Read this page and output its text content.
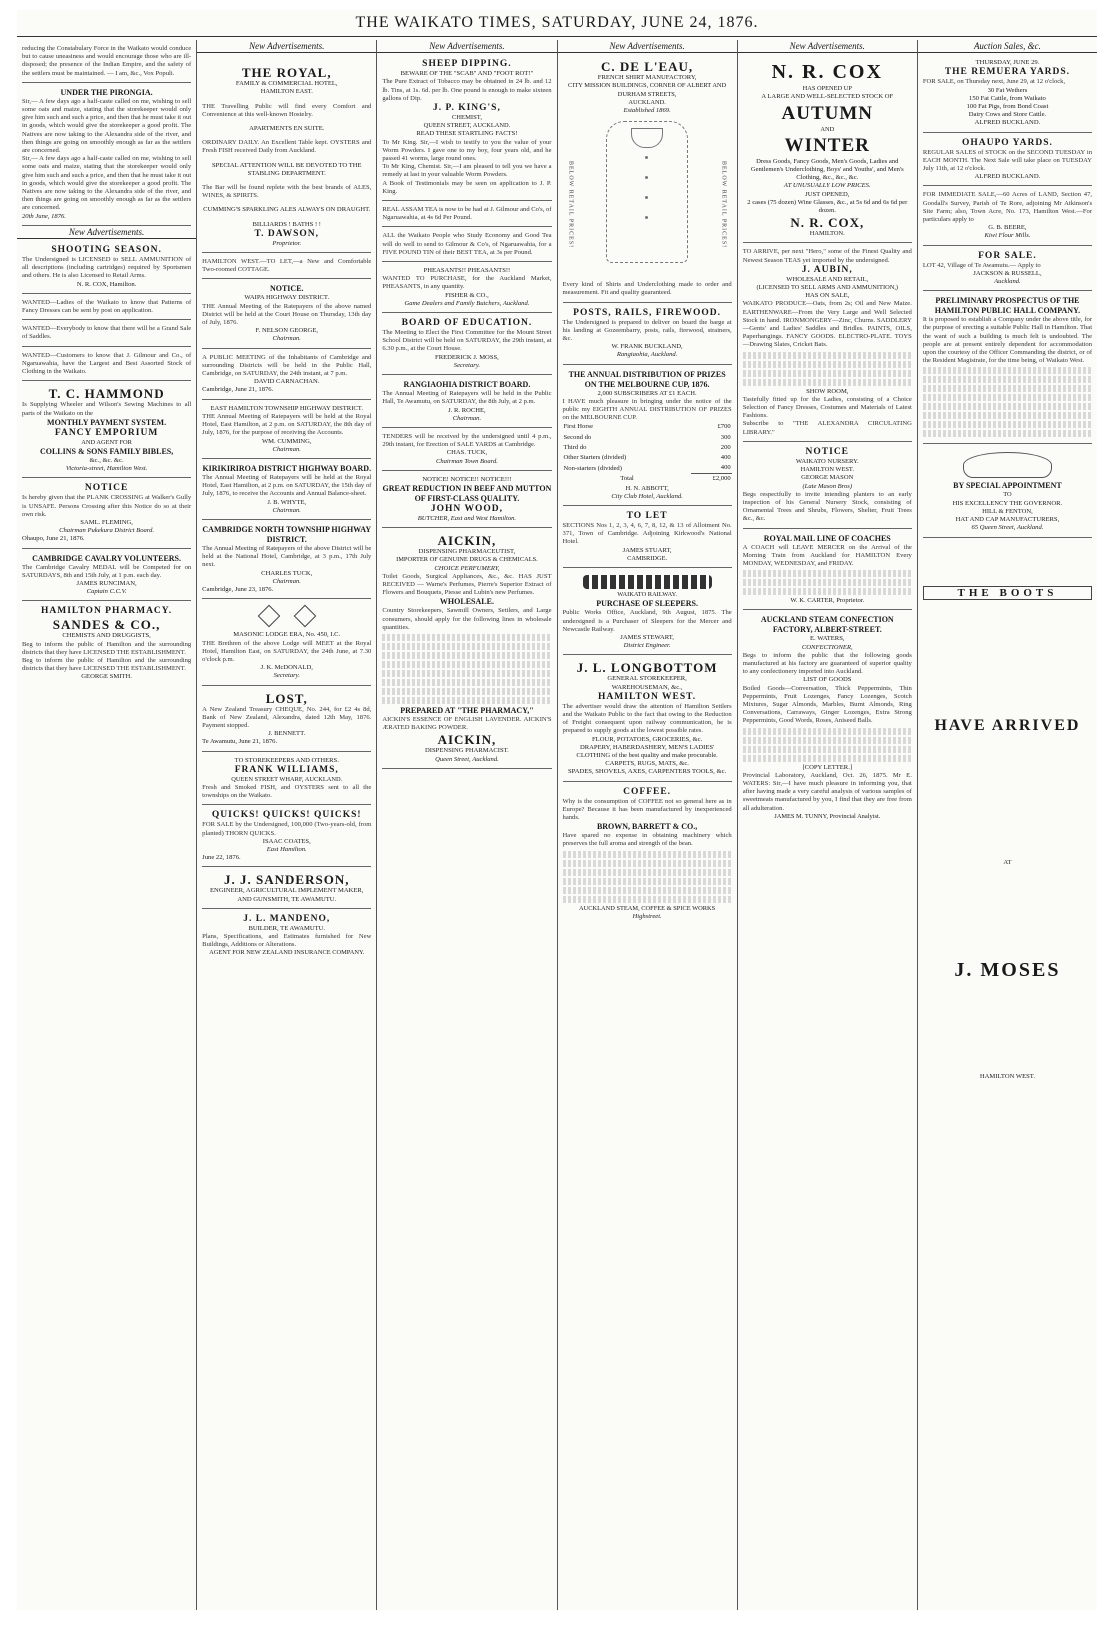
THE WAIKATO TIMES, SATURDAY, JUNE 24, 1876.
reducing the Constabulary Force in the Waikato would conduce but to cause uneasiness and would encourage those who are ill-disposed; the presence of the Indian Empire, and the safety of the settlers must be maintained. — I am, &c., Vox Populi.
UNDER THE PIRONGIA.
Sir,— A few days ago a half-caste called on me, wishing to sell some oats and maize, stating that the storekeeper would only give him such and such a price, and then that he must take it out in goods, which would give the storekeeper a good profit. The Natives are now taking to the Alexandra side of the river, and then things are going on smoothly enough as far as the settlers are concerned.
Sir,— A few days ago a half-caste called on me, wishing to sell some oats and maize, stating that the storekeeper would only give him such and such a price, and then that he must take it out in goods, which would give the storekeeper a good profit. The Natives are now taking to the Alexandra side of the river, and then things are going on smoothly enough as far as the settlers are concerned.
20th June, 1876.
New Advertisements.
SHOOTING SEASON.
The Undersigned is LICENSED to SELL AMMUNITION of all descriptions (including cartridges) required by Sportsmen and others. He is also Licensed to Retail Arms.
N. R. COX, Hamilton.
WANTED—Ladies of the Waikato to know that Patterns of Fancy Dresses can be sent by post on application.
WANTED—Everybody to know that there will be a Grand Sale of Saddles.
WANTED—Customers to know that J. Gilmour and Co., of Ngaruawahia, have the Largest and Best Assorted Stock of Clothing in the Waikato.
T. C. HAMMOND
Is Supplying Wheeler and Wilson's Sewing Machines to all parts of the Waikato on the
MONTHLY PAYMENT SYSTEM.
FANCY EMPORIUM
AND AGENT FOR
COLLINS & SONS FAMILY BIBLES,
&c., &c. &c.
Victoria-street, Hamilton West.
NOTICE
Is hereby given that the PLANK CROSSING at Walker's Gully is UNSAFE. Persons Crossing after this Notice do so at their own risk.
SAML. FLEMING,
Chairman Pukekura District Board.
Ohaupo, June 21, 1876.
CAMBRIDGE CAVALRY VOLUNTEERS.
The Cambridge Cavalry MEDAL will be Competed for on SATURDAYS, 8th and 15th July, at 1 p.m. each day.
JAMES RUNCIMAN,
Captain C.C.V.
HAMILTON PHARMACY.
SANDES & CO.,
CHEMISTS AND DRUGGISTS,
Beg to inform the public of Hamilton and the surrounding districts that they have LICENSED THE ESTABLISHMENT.
Beg to inform the public of Hamilton and the surrounding districts that they have LICENSED THE ESTABLISHMENT.
GEORGE SMITH.
New Advertisements.
THE ROYAL,
FAMILY & COMMERCIAL HOTEL,
HAMILTON EAST.
THE Travelling Public will find every Comfort and Convenience at this well-known Hostelry.
APARTMENTS EN SUITE.
ORDINARY DAILY. An Excellent Table kept. OYSTERS and Fresh FISH received Daily from Auckland.
SPECIAL ATTENTION WILL BE DEVOTED TO THE STABLING DEPARTMENT.
The Bar will be found replete with the best brands of ALES, WINES, & SPIRITS.
CUMMING'S SPARKLING ALES ALWAYS ON DRAUGHT.
BILLIARDS ! BATHS ! !
T. DAWSON,
Proprietor.
HAMILTON WEST.—TO LET,—a New and Comfortable Two-roomed COTTAGE.
NOTICE.
WAIPA HIGHWAY DISTRICT.
THE Annual Meeting of the Ratepayers of the above named District will be held at the Court House on Thursday, 13th day of July, 1876.
F. NELSON GEORGE,
Chairman.
A PUBLIC MEETING of the Inhabitants of Cambridge and surrounding Districts will be held in the Public Hall, Cambridge, on SATURDAY, the 24th instant, at 7 p.m.
DAVID CARNACHAN.
Cambridge, June 21, 1876.
EAST HAMILTON TOWNSHIP HIGHWAY DISTRICT.
THE Annual Meeting of Ratepayers will be held at the Royal Hotel, East Hamilton, at 2 p.m. on SATURDAY, the 8th day of July, 1876, for the purpose of receiving the Accounts.
WM. CUMMING,
Chairman.
KIRIKIRIROA DISTRICT HIGHWAY BOARD.
The Annual Meeting of Ratepayers will be held at the Royal Hotel, East Hamilton, at 2 p.m. on SATURDAY, the 15th day of July, 1876, to receive the Accounts and Annual Balance-sheet.
J. B. WHYTE,
Chairman.
CAMBRIDGE NORTH TOWNSHIP HIGHWAY DISTRICT.
The Annual Meeting of Ratepayers of the above District will be held at the National Hotel, Cambridge, at 3 p.m., 17th July next.
CHARLES TUCK,
Chairman.
Cambridge, June 23, 1876.
MASONIC LODGE ERA, No. 450, I.C.
THE Brethren of the above Lodge will MEET at the Royal Hotel, Hamilton East, on SATURDAY, the 24th June, at 7.30 o'clock p.m.
J. K. McDONALD,
Secretary.
LOST,
A New Zealand Treasury CHEQUE, No. 244, for £2 4s 8d, Bank of New Zealand, Alexandra, dated 12th May, 1876. Payment stopped.
J. BENNETT.
Te Awamutu, June 21, 1876.
TO STOREKEEPERS AND OTHERS.
FRANK WILLIAMS,
QUEEN STREET WHARF, AUCKLAND.
Fresh and Smoked FISH, and OYSTERS sent to all the townships on the Waikato.
QUICKS! QUICKS! QUICKS!
FOR SALE by the Undersigned, 100,000 (Two-years-old, from planted) THORN QUICKS.
ISAAC COATES,
East Hamilton.
June 22, 1876.
J. J. SANDERSON,
ENGINEER, AGRICULTURAL IMPLEMENT MAKER,
AND GUNSMITH, TE AWAMUTU.
J. L. MANDENO,
BUILDER, TE AWAMUTU.
Plans, Specifications, and Estimates furnished for New Buildings, Additions or Alterations.
AGENT FOR NEW ZEALAND INSURANCE COMPANY.
New Advertisements.
SHEEP DIPPING.
BEWARE OF THE "SCAB" AND "FOOT ROT!"
The Pure Extract of Tobacco may be obtained in 24 lb. and 12 lb. Tins, at 1s. 6d. per lb. One pound is enough to make sixteen gallons of Dip.
J. P. KING'S,
CHEMIST,
QUEEN STREET, AUCKLAND.
READ THESE STARTLING FACTS!
To Mr King. Sir,—I wish to testify to you the value of your Worm Powders. I gave one to my boy, four years old, and he passed 41 worms, large round ones.
To Mr King, Chemist. Sir,—I am pleased to tell you we have a remedy at last in your valuable Worm Powders.
A Book of Testimonials may be seen on application to J. P. King.
REAL ASSAM TEA is now to be had at J. Gilmour and Co's, of Ngaruawahia, at 4s 6d Per Pound.
ALL the Waikato People who Study Economy and Good Tea will do well to send to Gilmour & Co's, of Ngaruawahia, for a FIVE POUND TIN of their BEST TEA, at 3s per Pound.
PHEASANTS!! PHEASANTS!!
WANTED TO PURCHASE, for the Auckland Market, PHEASANTS, in any quantity.
FISHER & CO.,
Game Dealers and Family Butchers, Auckland.
BOARD OF EDUCATION.
The Meeting to Elect the First Committee for the Mount Street School District will be held on SATURDAY, the 29th instant, at 6.30 p.m., at the Court House.
FREDERICK J. MOSS,
Secretary.
RANGIAOHIA DISTRICT BOARD.
The Annual Meeting of Ratepayers will be held in the Public Hall, Te Awamutu, on SATURDAY, the 8th July, at 2 p.m.
J. R. ROCHE,
Chairman.
TENDERS will be received by the undersigned until 4 p.m., 29th instant, for Erection of SALE YARDS at Cambridge.
CHAS. TUCK,
Chairman Town Board.
NOTICE! NOTICE!! NOTICE!!!
GREAT REDUCTION IN BEEF AND MUTTON OF FIRST-CLASS QUALITY.
JOHN WOOD,
BUTCHER, East and West Hamilton.
AICKIN,
DISPENSING PHARMACEUTIST,
IMPORTER OF GENUINE DRUGS & CHEMICALS.
CHOICE PERFUMERY,
Toilet Goods, Surgical Appliances, &c., &c. HAS JUST RECEIVED — Warne's Perfumes, Pierre's Superior Extract of Flowers and Bouquets, Piesse and Lubin's new Perfumes.
WHOLESALE.
Country Storekeepers, Sawmill Owners, Settlers, and Large consumers, should apply for the following lines in wholesale quantities.
PREPARED AT "THE PHARMACY,"
AICKIN'S ESSENCE OF ENGLISH LAVENDER. AICKIN'S ÆRATED BAKING POWDER.
AICKIN,
DISPENSING PHARMACIST.
Queen Street, Auckland.
New Advertisements.
C. DE L'EAU,
FRENCH SHIRT MANUFACTORY,
CITY MISSION BUILDINGS, CORNER OF ALBERT AND DURHAM STREETS,
AUCKLAND.
Established 1869.
BELOW RETAIL PRICES!	BELOW RETAIL PRICES!
Every kind of Shirts and Underclothing made to order and measurement. Fit and quality guaranteed.
POSTS, RAILS, FIREWOOD.
The Undersigned is prepared to deliver on board the barge at his landing at Gozeembarry, posts, rails, firewood, strainers, &c.
W. FRANK BUCKLAND,
Rangiaohia, Auckland.
THE ANNUAL DISTRIBUTION OF PRIZES ON THE MELBOURNE CUP, 1876.
2,000 SUBSCRIBERS AT £1 EACH.
I HAVE much pleasure in bringing under the notice of the public my EIGHTH ANNUAL DISTRIBUTION OF PRIZES on the MELBOURNE CUP.
First Horse	£700
Second do	300
Third do	200
Other Starters (divided)	400
Non-starters (divided)	400
Total	£2,000
H. N. ABBOTT,
City Club Hotel, Auckland.
TO LET
SECTIONS Nos 1, 2, 3, 4, 6, 7, 8, 12, & 13 of Allotment No. 371, Town of Cambridge. Adjoining Kirkwood's National Hotel.
JAMES STUART,
CAMBRIDGE.
WAIKATO RAILWAY.
PURCHASE OF SLEEPERS.
Public Works Office, Auckland, 9th August, 1875. The undersigned is a Purchaser of Sleepers for the Mercer and Newcastle Railway.
JAMES STEWART,
District Engineer.
J. L. LONGBOTTOM
GENERAL STOREKEEPER,
WAREHOUSEMAN, &c.,
HAMILTON WEST.
The advertiser would draw the attention of Hamilton Settlers and the Waikato Public to the fact that owing to the Reduction of Freight consequent upon railway communication, he is prepared to supply goods at the lowest possible rates.
FLOUR, POTATOES, GROCERIES, &c.
DRAPERY, HABERDASHERY, MEN'S LADIES' CLOTHING of the best quality and make procurable.
CARPETS, RUGS, MATS, &c.
SPADES, SHOVELS, AXES, CARPENTERS TOOLS, &c.
COFFEE.
Why is the consumption of COFFEE not so general here as in Europe? Because it has been manufactured by inexperienced hands.
BROWN, BARRETT & CO.,
Have spared no expense in obtaining machinery which preserves the full aroma and strength of the bean.
AUCKLAND STEAM, COFFEE & SPICE WORKS
Highstreet.
New Advertisements.
N. R. COX
HAS OPENED UP
A LARGE AND WELL-SELECTED STOCK OF
AUTUMN
AND
WINTER
Dress Goods, Fancy Goods, Men's Goods, Ladies and Gentlemen's Underclothing, Boys' and Youths', and Men's Clothing, &c., &c., &c.
AT UNUSUALLY LOW PRICES.
JUST OPENED,
2 cases (75 dozen) Wine Glasses, &c., at 5s 6d and 6s 6d per dozen.
N. R. COX,
HAMILTON.
TO ARRIVE, per next "Hero," some of the Finest Quality and Newest Season TEAS yet imported by the undersigned.
J. AUBIN,
WHOLESALE AND RETAIL,
(LICENSED TO SELL ARMS AND AMMUNITION,)
HAS ON SALE,
WAIKATO PRODUCE—Oats, from 2s; Oil and New Maize. EARTHENWARE—From the Very Large and Well Selected Stock in hand. IRONMONGERY—Zinc, Churns. SADDLERY—Gents' and Ladies' Saddles and Bridles. PAINTS, OILS, Paperhangings. FANCY GOODS. ELECTRO-PLATE. TOYS—Drawing Slates, Cricket Bats.
SHOW ROOM,
Tastefully fitted up for the Ladies, consisting of a Choice Selection of Fancy Dresses, Costumes and Materials of Latest Fashions.
Subscribe to "THE ALEXANDRA CIRCULATING LIBRARY."
NOTICE
WAIKATO NURSERY.
HAMILTON WEST.
GEORGE MASON
(Late Mason Bros)
Begs respectfully to invite intending planters to an early inspection of his General Nursery Stock, consisting of Ornamental Trees and Shrubs, Flowers, Shelter, Fruit Trees &c., &c.
ROYAL MAIL LINE OF COACHES
A COACH will LEAVE MERCER on the Arrival of the Morning Train from Auckland for HAMILTON Every MONDAY, WEDNESDAY, and FRIDAY.
W. K. CARTER, Proprietor.
AUCKLAND STEAM CONFECTION FACTORY, ALBERT-STREET.
E. WATERS,
CONFECTIONER,
Begs to inform the public that the following goods manufactured at his factory are guaranteed of superior quality to any confectionery imported into Auckland.
LIST OF GOODS
Boiled Goods—Conversation, Thick Peppermints, Thin Peppermints, Fruit Lozenges, Fancy Lozenges, Scotch Mixtures, Sugar Almonds, Marbles, Burnt Almonds, Ring Conversations, Carraways, Ginger Lozenges, Extra Strong Peppermints, Good Words, Roses, Aniseed Balls.
[COPY LETTER.]
Provincial Laboratory, Auckland, Oct. 26, 1875. Mr E. WATERS: Sir,—I have much pleasure in informing you, that after having made a very careful analysis of various samples of sweetmeats manufactured by you, I find that they are free from all adulteration.
JAMES M. TUNNY, Provincial Analyist.
Auction Sales, &c.
THURSDAY, JUNE 29.
THE REMUERA YARDS.
FOR SALE, on Thursday next, June 29, at 12 o'clock,
30 Fat Wethers
150 Fat Cattle, from Waikato
100 Fat Pigs, from Bond Coast
Dairy Cows and Store Cattle.
ALFRED BUCKLAND.
OHAUPO YARDS.
REGULAR SALES of STOCK on the SECOND TUESDAY in EACH MONTH. The Next Sale will take place on TUESDAY July 11th, at 12 o'clock.
ALFRED BUCKLAND.
FOR IMMEDIATE SALE,—60 Acres of LAND, Section 47, Goodall's Survey, Parish of Te Rore, adjoining Mr Atkinson's Site Farm; also, Town Acre, No. 173, Hamilton West.—For particulars apply to
G. B. BEERE,
Kiwi Flour Mills.
FOR SALE.
LOT 42, Village of Te Awamutu.— Apply to
JACKSON & RUSSELL,
Auckland.
PRELIMINARY PROSPECTUS OF THE HAMILTON PUBLIC HALL COMPANY.
It is proposed to establish a Company under the above title, for the purpose of erecting a suitable Public Hall in Hamilton. That the want of such a building is much felt is undoubted. The people are at present entirely dependent for accommodation upon the courtesy of the Officer Commanding the district, or of the Resident Magistrate, for the time being, of Waikato West.
BY SPECIAL APPOINTMENT
TO
HIS EXCELLENCY THE GOVERNOR.
HILL & FENTON,
HAT AND CAP MANUFACTURERS,
65 Queen Street, Auckland.
THE BOOTS
HAVE ARRIVED
AT
J. MOSES
HAMILTON WEST.
